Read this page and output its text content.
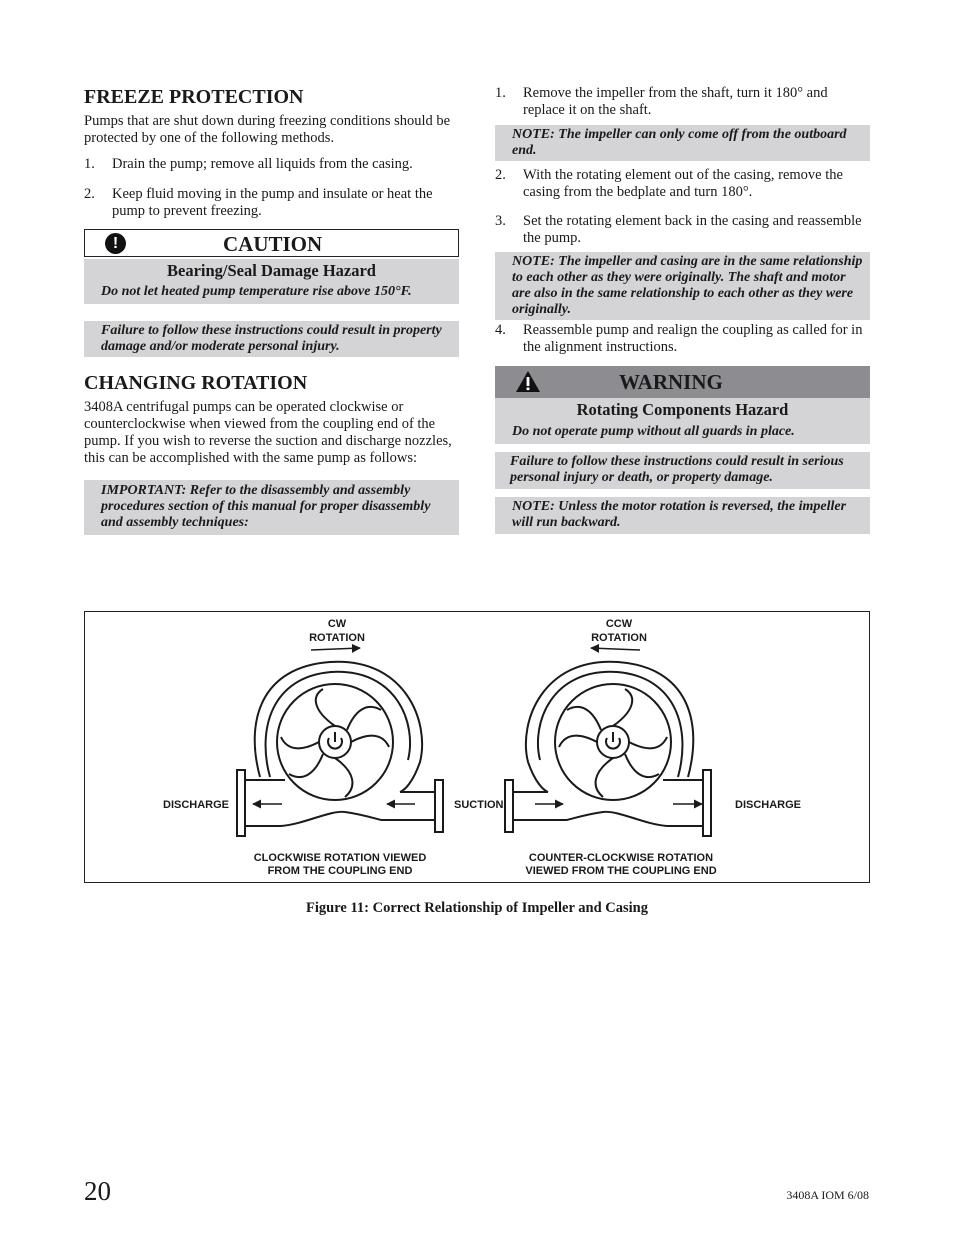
FREEZE PROTECTION

Pumps that are shut down during freezing conditions should be protected by one of the following methods.

1.	Drain the pump; remove all liquids from the casing.
2.	Keep fluid moving in the pump and insulate or heat the pump to prevent freezing.
!	CAUTION
Bearing/Seal Damage Hazard
Do not let heated pump temperature rise above 150°F.
Failure to follow these instructions could result in property damage and/or moderate personal injury.
CHANGING ROTATION

3408A centrifugal pumps can be operated clockwise or counterclockwise when viewed from the coupling end of the pump. If you wish to reverse the suction and discharge nozzles, this can be accomplished with the same pump as follows:

IMPORTANT: Refer to the disassembly and assembly procedures section of this manual for proper disassembly and assembly techniques:
1.	Remove the impeller from the shaft, turn it 180° and replace it on the shaft.
NOTE: The impeller can only come off from the outboard end.
2.	With the rotating element out of the casing, remove the casing from the bedplate and turn 180°.
3.	Set the rotating element back in the casing and reassemble the pump.
NOTE: The impeller and casing are in the same relationship to each other as they were originally. The shaft and motor are also in the same relationship to each other as they were originally.
4.	Reassemble pump and realign the coupling as called for in the alignment instructions.
WARNING
Rotating Components Hazard
Do not operate pump without all guards in place.
Failure to follow these instructions could result in serious personal injury or death, or property damage.
NOTE: Unless the motor rotation is reversed, the impeller will run backward.
CW
ROTATION
DISCHARGE	SUCTION
CLOCKWISE ROTATION VIEWED
FROM THE COUPLING END
CCW
ROTATION
DISCHARGE
COUNTER-CLOCKWISE ROTATION
VIEWED FROM THE COUPLING END
Figure 11: Correct Relationship of Impeller and Casing
20	3408A IOM 6/08
